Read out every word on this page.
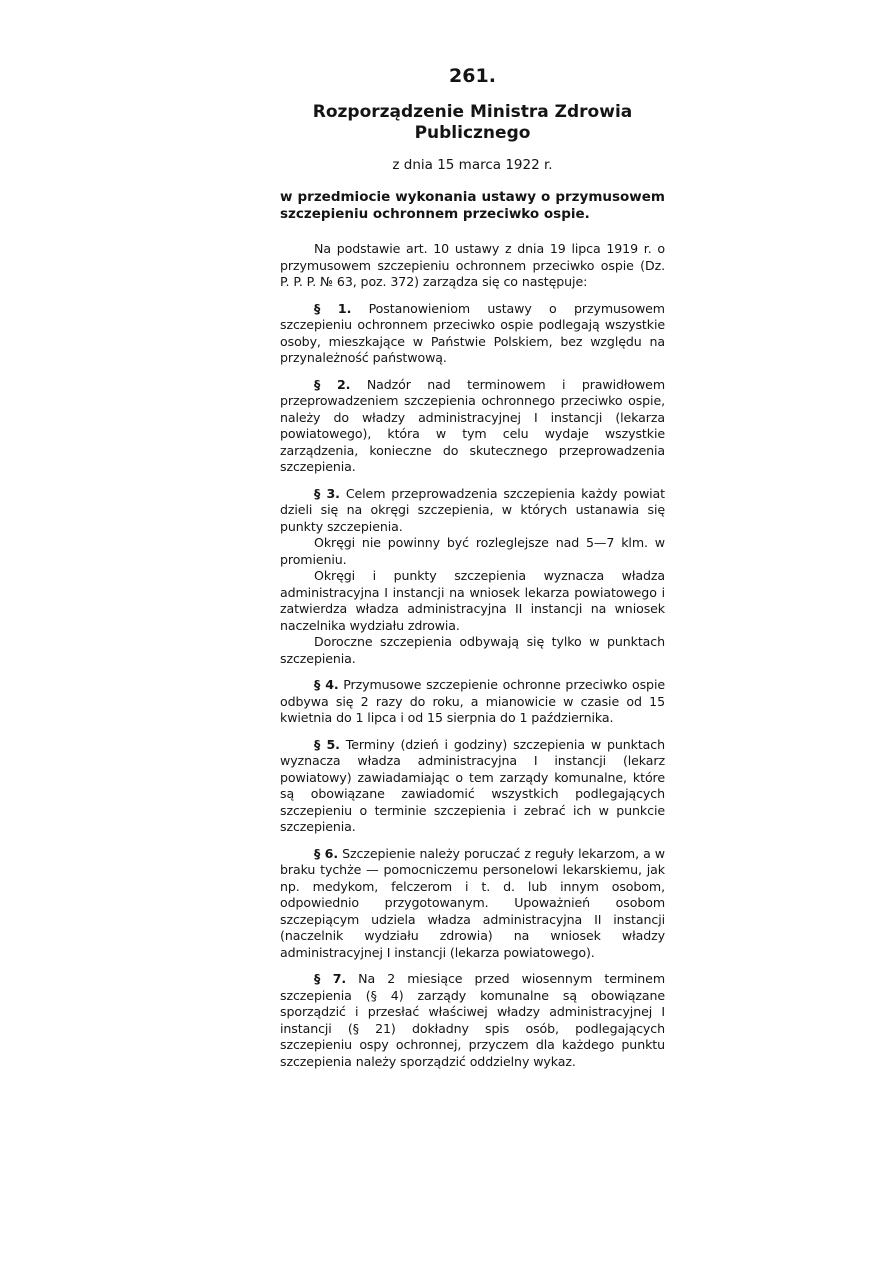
261.
Rozporządzenie Ministra Zdrowia Publicznego
z dnia 15 marca 1922 r.
w przedmiocie wykonania ustawy o przymusowem szczepieniu ochronnem przeciwko ospie.

Na podstawie art. 10 ustawy z dnia 19 lipca 1919 r. o przymusowem szczepieniu ochronnem przeciwko ospie (Dz. P. P. P. № 63, poz. 372) zarządza się co następuje:

§ 1. Postanowieniom ustawy o przymusowem szczepieniu ochronnem przeciwko ospie podlegają wszystkie osoby, mieszkające w Państwie Polskiem, bez względu na przynależność państwową.

§ 2. Nadzór nad terminowem i prawidłowem przeprowadzeniem szczepienia ochronnego przeciwko ospie, należy do władzy administracyjnej I instancji (lekarza powiatowego), która w tym celu wydaje wszystkie zarządzenia, konieczne do skutecznego przeprowadzenia szczepienia.

§ 3. Celem przeprowadzenia szczepienia każdy powiat dzieli się na okręgi szczepienia, w których ustanawia się punkty szczepienia.

Okręgi nie powinny być rozleglejsze nad 5—7 klm. w promieniu.

Okręgi i punkty szczepienia wyznacza władza administracyjna I instancji na wniosek lekarza powiatowego i zatwierdza władza administracyjna II instancji na wniosek naczelnika wydziału zdrowia.

Doroczne szczepienia odbywają się tylko w punktach szczepienia.

§ 4. Przymusowe szczepienie ochronne przeciwko ospie odbywa się 2 razy do roku, a mianowicie w czasie od 15 kwietnia do 1 lipca i od 15 sierpnia do 1 października.

§ 5. Terminy (dzień i godziny) szczepienia w punktach wyznacza władza administracyjna I instancji (lekarz powiatowy) zawiadamiając o tem zarządy komunalne, które są obowiązane zawiadomić wszystkich podlegających szczepieniu o terminie szczepienia i zebrać ich w punkcie szczepienia.

§ 6. Szczepienie należy poruczać z reguły lekarzom, a w braku tychże — pomocniczemu personelowi lekarskiemu, jak np. medykom, felczerom i t. d. lub innym osobom, odpowiednio przygotowanym. Upoważnień osobom szczepiącym udziela władza administracyjna II instancji (naczelnik wydziału zdrowia) na wniosek władzy administracyjnej I instancji (lekarza powiatowego).

§ 7. Na 2 miesiące przed wiosennym terminem szczepienia (§ 4) zarządy komunalne są obowiązane sporządzić i przesłać właściwej władzy administracyjnej I instancji (§ 21) dokładny spis osób, podlegających szczepieniu ospy ochronnej, przyczem dla każdego punktu szczepienia należy sporządzić oddzielny wykaz.
